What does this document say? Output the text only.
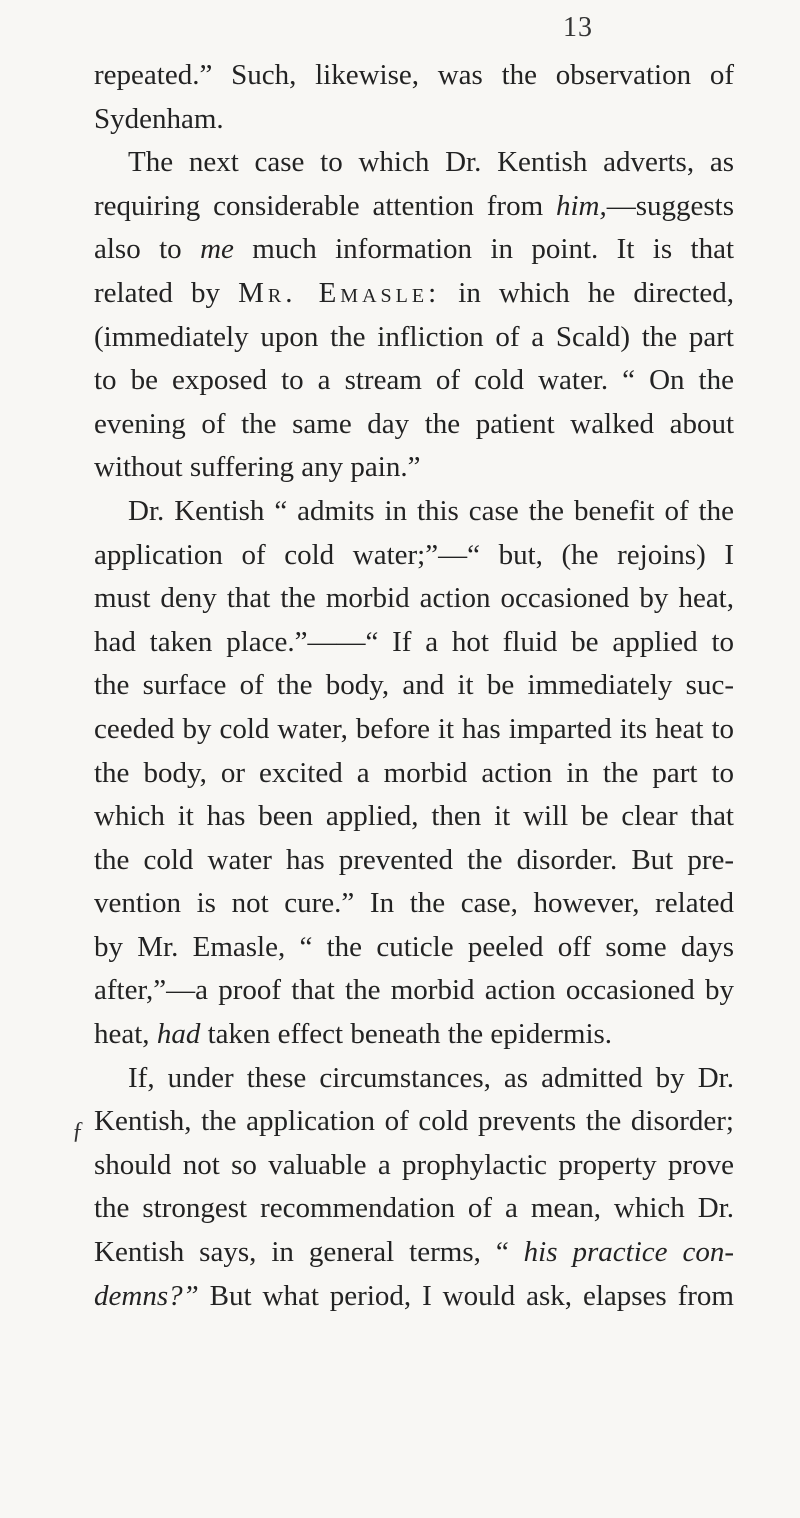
13
ƒ
repeated.” Such, likewise, was the observation of
Sydenham.
The next case to which Dr. Kentish adverts, as
requiring considerable attention from him,—suggests
also to me much information in point. It is that
related by Mr. Emasle: in which he directed,
(immediately upon the infliction of a Scald) the part
to be exposed to a stream of cold water. “ On the
evening of the same day the patient walked about
without suffering any pain.”
Dr. Kentish “ admits in this case the benefit of the
application of cold water;”—“ but, (he rejoins) I
must deny that the morbid action occasioned by heat,
had taken place.”——“ If a hot fluid be applied to
the surface of the body, and it be immediately suc-
ceeded by cold water, before it has imparted its heat to
the body, or excited a morbid action in the part to
which it has been applied, then it will be clear that
the cold water has prevented the disorder. But pre-
vention is not cure.” In the case, however, related
by Mr. Emasle, “ the cuticle peeled off some days
after,”—a proof that the morbid action occasioned by
heat, had taken effect beneath the epidermis.
If, under these circumstances, as admitted by Dr.
Kentish, the application of cold prevents the disorder;
should not so valuable a prophylactic property prove
the strongest recommendation of a mean, which Dr.
Kentish says, in general terms, “ his practice con-
demns?” But what period, I would ask, elapses from
